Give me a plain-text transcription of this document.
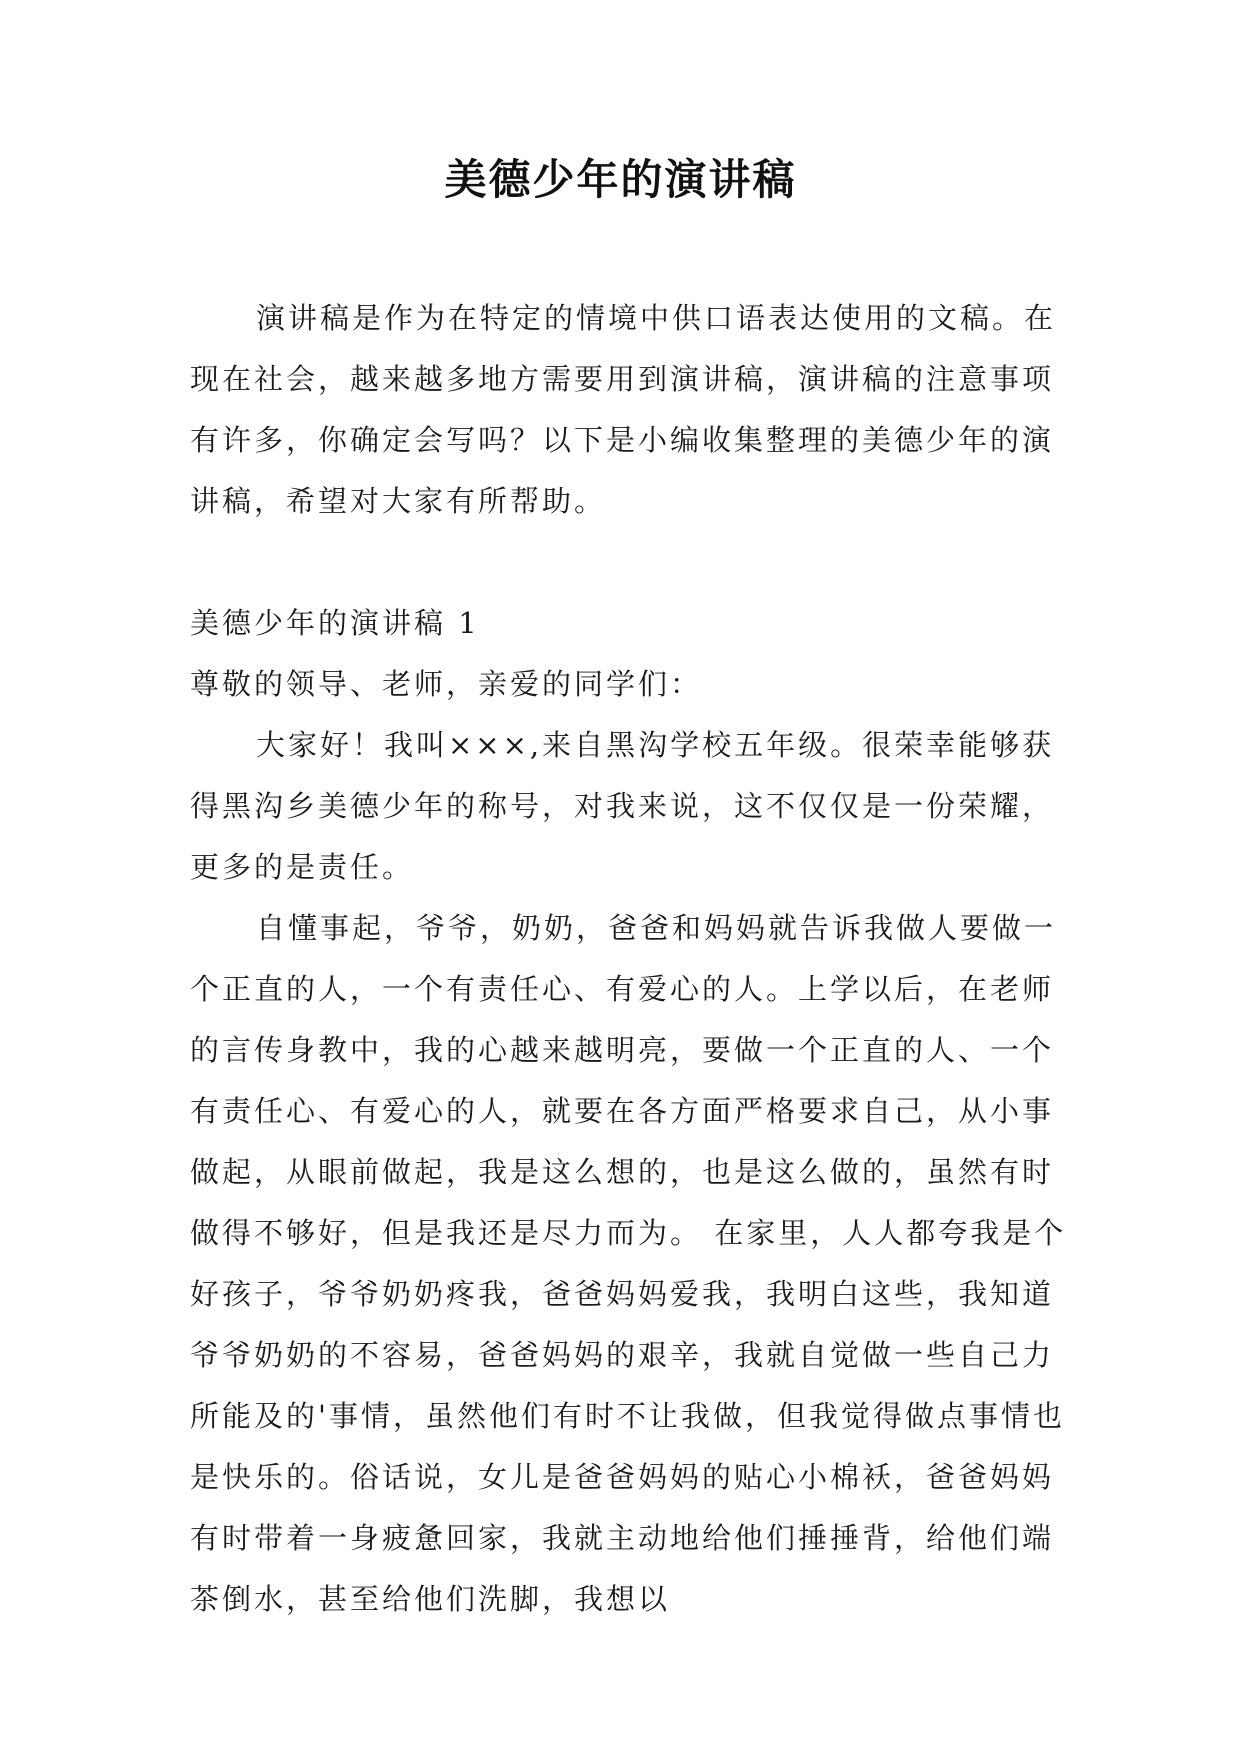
美德少年的演讲稿

演讲稿是作为在特定的情境中供口语表达使用的文稿。在现在社会，越来越多地方需要用到演讲稿，演讲稿的注意事项有许多，你确定会写吗？以下是小编收集整理的美德少年的演讲稿，希望对大家有所帮助。

美德少年的演讲稿 1

尊敬的领导、老师，亲爱的同学们：

大家好！我叫×××,来自黑沟学校五年级。很荣幸能够获得黑沟乡美德少年的称号，对我来说，这不仅仅是一份荣耀，更多的是责任。

自懂事起，爷爷，奶奶，爸爸和妈妈就告诉我做人要做一个正直的人，一个有责任心、有爱心的人。上学以后，在老师的言传身教中，我的心越来越明亮，要做一个正直的人、一个有责任心、有爱心的人，就要在各方面严格要求自己，从小事做起，从眼前做起，我是这么想的，也是这么做的，虽然有时做得不够好，但是我还是尽力而为。 在家里，人人都夸我是个好孩子，爷爷奶奶疼我，爸爸妈妈爱我，我明白这些，我知道爷爷奶奶的不容易，爸爸妈妈的艰辛，我就自觉做一些自己力所能及的'事情，虽然他们有时不让我做，但我觉得做点事情也是快乐的。俗话说，女儿是爸爸妈妈的贴心小棉袄，爸爸妈妈有时带着一身疲惫回家，我就主动地给他们捶捶背，给他们端茶倒水，甚至给他们洗脚，我想以
